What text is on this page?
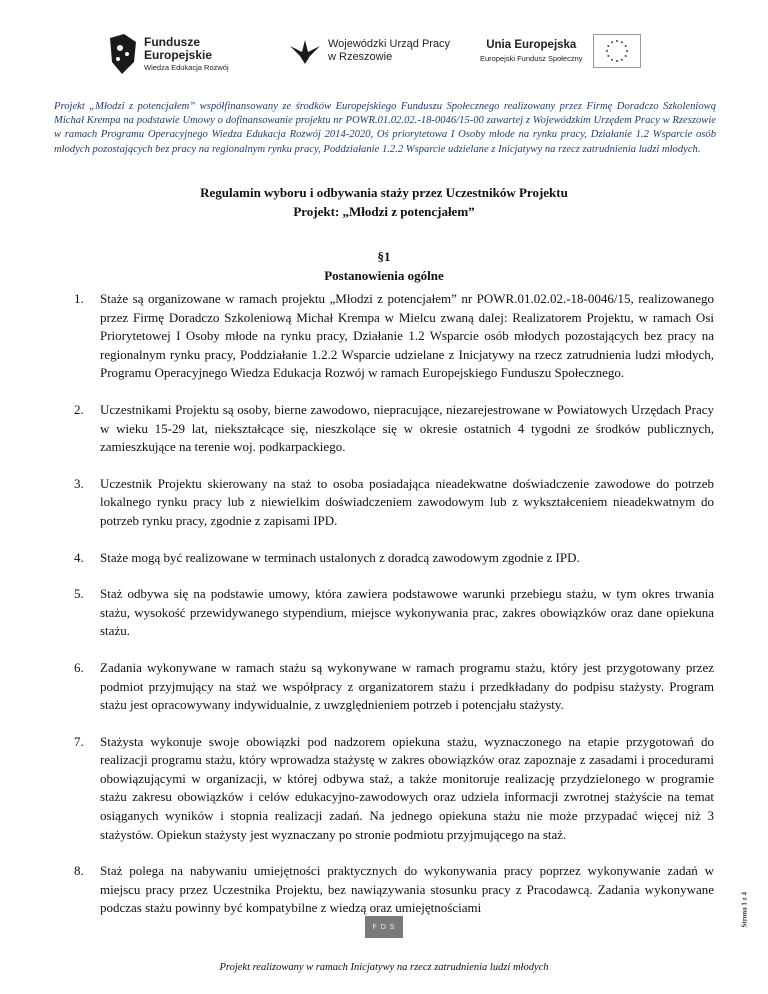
Fundusze
Europejskie
Wiedza Edukacja Rozwój
Wojewódzki Urząd Pracy
w Rzeszowie
Unia Europejska
Europejski Fundusz Społeczny
Projekt „Młodzi z potencjałem” współfinansowany ze środków Europejskiego Funduszu Społecznego realizowany przez Firmę Doradczo Szkoleniową Michał Krempa na podstawie Umowy o dofinansowanie projektu nr POWR.01.02.02.-18-0046/15-00 zawartej z Wojewódzkim Urzędem Pracy w Rzeszowie w ramach Programu Operacyjnego Wiedza Edukacja Rozwój 2014-2020, Oś priorytetowa I Osoby młode na rynku pracy, Działanie 1.2 Wsparcie osób młodych pozostających bez pracy na regionalnym rynku pracy, Poddziałanie 1.2.2 Wsparcie udzielane z Inicjatywy na rzecz zatrudnienia ludzi młodych.
Regulamin wyboru i odbywania staży przez Uczestników Projektu
Projekt: „Młodzi z potencjałem”
§1
Postanowienia ogólne
1. Staże są organizowane w ramach projektu „Młodzi z potencjałem” nr POWR.01.02.02.-18-0046/15, realizowanego przez Firmę Doradczo Szkoleniową Michał Krempa w Mielcu zwaną dalej: Realizatorem Projektu, w ramach Osi Priorytetowej I Osoby młode na rynku pracy, Działanie 1.2 Wsparcie osób młodych pozostających bez pracy na regionalnym rynku pracy, Poddziałanie 1.2.2 Wsparcie udzielane z Inicjatywy na rzecz zatrudnienia ludzi młodych, Programu Operacyjnego Wiedza Edukacja Rozwój w ramach Europejskiego Funduszu Społecznego.
2. Uczestnikami Projektu są osoby, bierne zawodowo, niepracujące, niezarejestrowane w Powiatowych Urzędach Pracy w wieku 15-29 lat, niekształcące się, nieszkolące się w okresie ostatnich 4 tygodni ze środków publicznych, zamieszkujące na terenie woj. podkarpackiego.
3. Uczestnik Projektu skierowany na staż to osoba posiadająca nieadekwatne doświadczenie zawodowe do potrzeb lokalnego rynku pracy lub z niewielkim doświadczeniem zawodowym lub z wykształceniem nieadekwatnym do potrzeb rynku pracy, zgodnie z zapisami IPD.
4. Staże mogą być realizowane w terminach ustalonych z doradcą zawodowym zgodnie z IPD.
5. Staż odbywa się na podstawie umowy, która zawiera podstawowe warunki przebiegu stażu, w tym okres trwania stażu, wysokość przewidywanego stypendium, miejsce wykonywania prac, zakres obowiązków oraz dane opiekuna stażu.
6. Zadania wykonywane w ramach stażu są wykonywane w ramach programu stażu, który jest przygotowany przez podmiot przyjmujący na staż we współpracy z organizatorem stażu i przedkładany do podpisu stażysty. Program stażu jest opracowywany indywidualnie, z uwzględnieniem potrzeb i potencjału stażysty.
7. Stażysta wykonuje swoje obowiązki pod nadzorem opiekuna stażu, wyznaczonego na etapie przygotowań do realizacji programu stażu, który wprowadza stażystę w zakres obowiązków oraz zapoznaje z zasadami i procedurami obowiązującymi w organizacji, w której odbywa staż, a także monitoruje realizację przydzielonego w programie stażu zakresu obowiązków i celów edukacyjno-zawodowych oraz udziela informacji zwrotnej stażyście na temat osiąganych wyników i stopnia realizacji zadań. Na jednego opiekuna stażu nie może przypadać więcej niż 3 stażystów. Opiekun stażysty jest wyznaczany po stronie podmiotu przyjmującego na staż.
8. Staż polega na nabywaniu umiejętności praktycznych do wykonywania pracy poprzez wykonywanie zadań w miejscu pracy przez Uczestnika Projektu, bez nawiązywania stosunku pracy z Pracodawcą. Zadania wykonywane podczas stażu powinny być kompatybilne z wiedzą oraz umiejętnościami	Strona 1 z 4
F D S
Projekt realizowany w ramach Inicjatywy na rzecz zatrudnienia ludzi młodych
